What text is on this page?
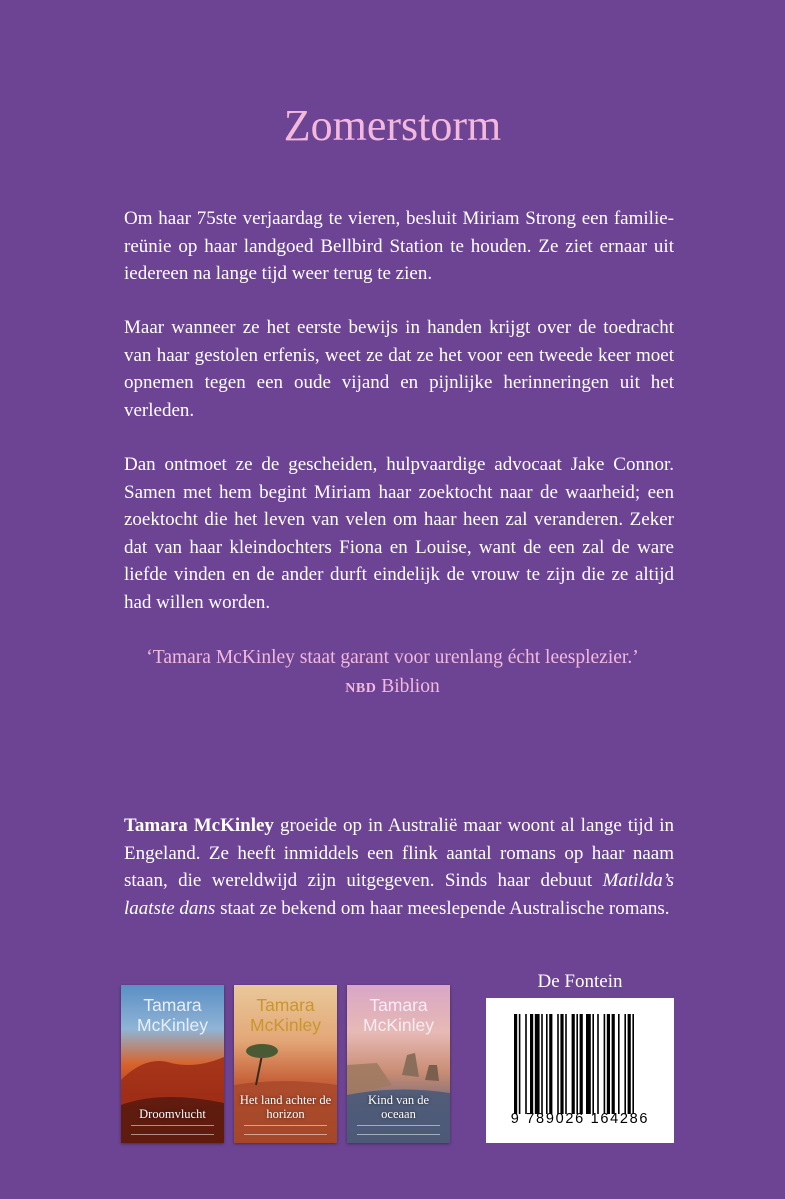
Zomerstorm

Om haar 75ste verjaardag te vieren, besluit Miriam Strong een familie-reünie op haar landgoed Bellbird Station te houden. Ze ziet ernaar uit iedereen na lange tijd weer terug te zien.

Maar wanneer ze het eerste bewijs in handen krijgt over de toedracht van haar gestolen erfenis, weet ze dat ze het voor een tweede keer moet opnemen tegen een oude vijand en pijnlijke herinneringen uit het verleden.

Dan ontmoet ze de gescheiden, hulpvaardige advocaat Jake Connor. Samen met hem begint Miriam haar zoektocht naar de waarheid; een zoektocht die het leven van velen om haar heen zal veranderen. Zeker dat van haar kleindochters Fiona en Louise, want de een zal de ware liefde vinden en de ander durft eindelijk de vrouw te zijn die ze altijd had willen worden.

‘Tamara McKinley staat garant voor urenlang écht leesplezier.’
NBD Biblion

Tamara McKinley groeide op in Australië maar woont al lange tijd in Engeland. Ze heeft inmiddels een flink aantal romans op haar naam staan, die wereldwijd zijn uitgegeven. Sinds haar debuut Matilda’s laatste dans staat ze bekend om haar meeslepende Australische romans.

Tamara
McKinley
Droomvlucht
Tamara
McKinley
Het land achter de horizon
Tamara
McKinley
Kind van de oceaan
De Fontein
9 789026 164286
